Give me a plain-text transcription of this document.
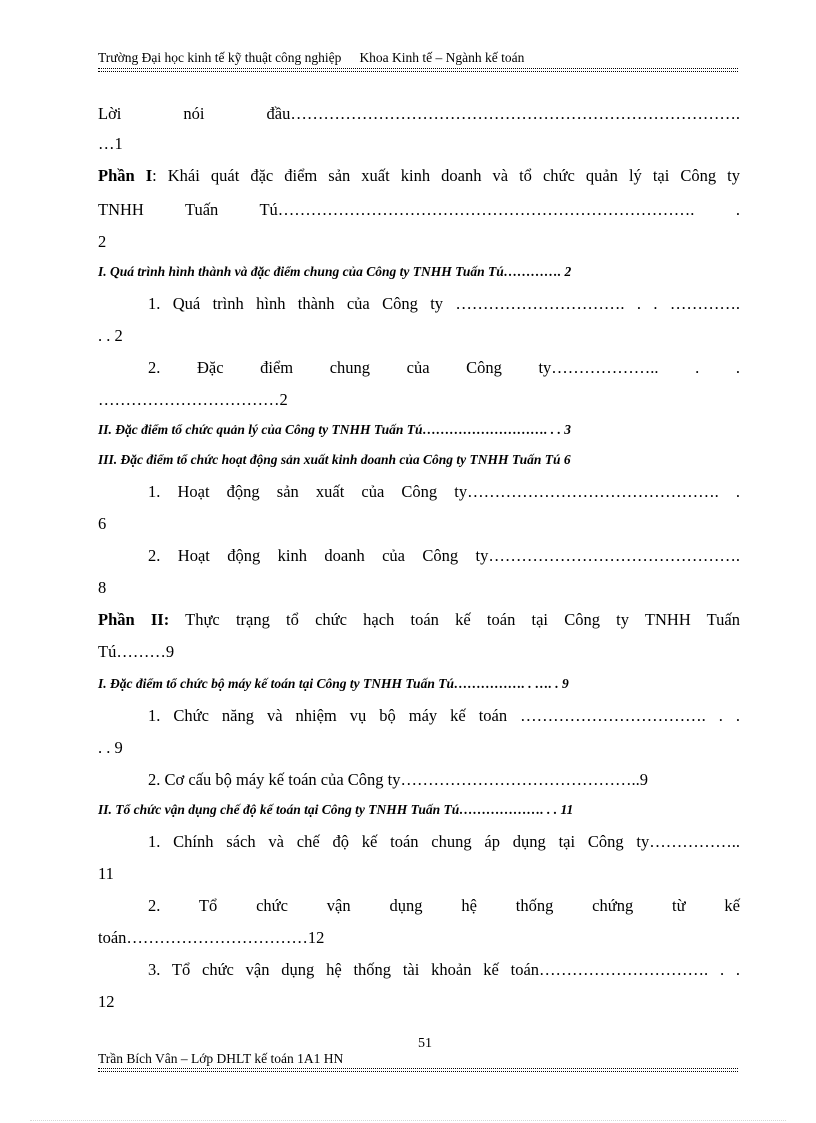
Trường Đại học kinh tế kỹ thuật công nghiệp Khoa Kinh tế – Ngành kế toán
Lời nói đầu……………………………………………………………………….
…1
Phần I: Khái quát đặc điểm sản xuất kinh doanh và tổ chức quản lý tại Công ty
TNHH Tuấn Tú…………………………………………………………………. .
2
I. Quá trình hình thành và đặc điểm chung của Công ty TNHH Tuấn Tú…………. 2
1. Quá trình hình thành của Công ty …………………………. . . ………….
. . 2
2. Đặc điểm chung của Công ty……………….. . .
……………………………2
II. Đặc điểm tổ chức quản lý của Công ty TNHH Tuấn Tú………………………. . . 3
III. Đặc điểm tổ chức hoạt động sản xuất kinh doanh của Công ty TNHH Tuấn Tú 6
1. Hoạt động sản xuất của Công ty………………………………………. .
6
2. Hoạt động kinh doanh của Công ty……………………………………….
8
Phần II: Thực trạng tổ chức hạch toán kế toán tại Công ty TNHH Tuấn
Tú………9
I. Đặc điểm tổ chức bộ máy kế toán tại Công ty TNHH Tuấn Tú……………. . …. . 9
1. Chức năng và nhiệm vụ bộ máy kế toán ……………………………. . .
. . 9
2. Cơ cấu bộ máy kế toán của Công ty……………………………………..9
II. Tổ chức vận dụng chế độ kế toán tại Công ty TNHH Tuấn Tú………………. . . 11
1. Chính sách và chế độ kế toán chung áp dụng tại Công ty……………..
11
2. Tổ chức vận dụng hệ thống chứng từ kế
toán……………………………12
3. Tổ chức vận dụng hệ thống tài khoản kế toán…………………………. . .
12
51
Trần Bích Vân – Lớp DHLT kế toán 1A1 HN
